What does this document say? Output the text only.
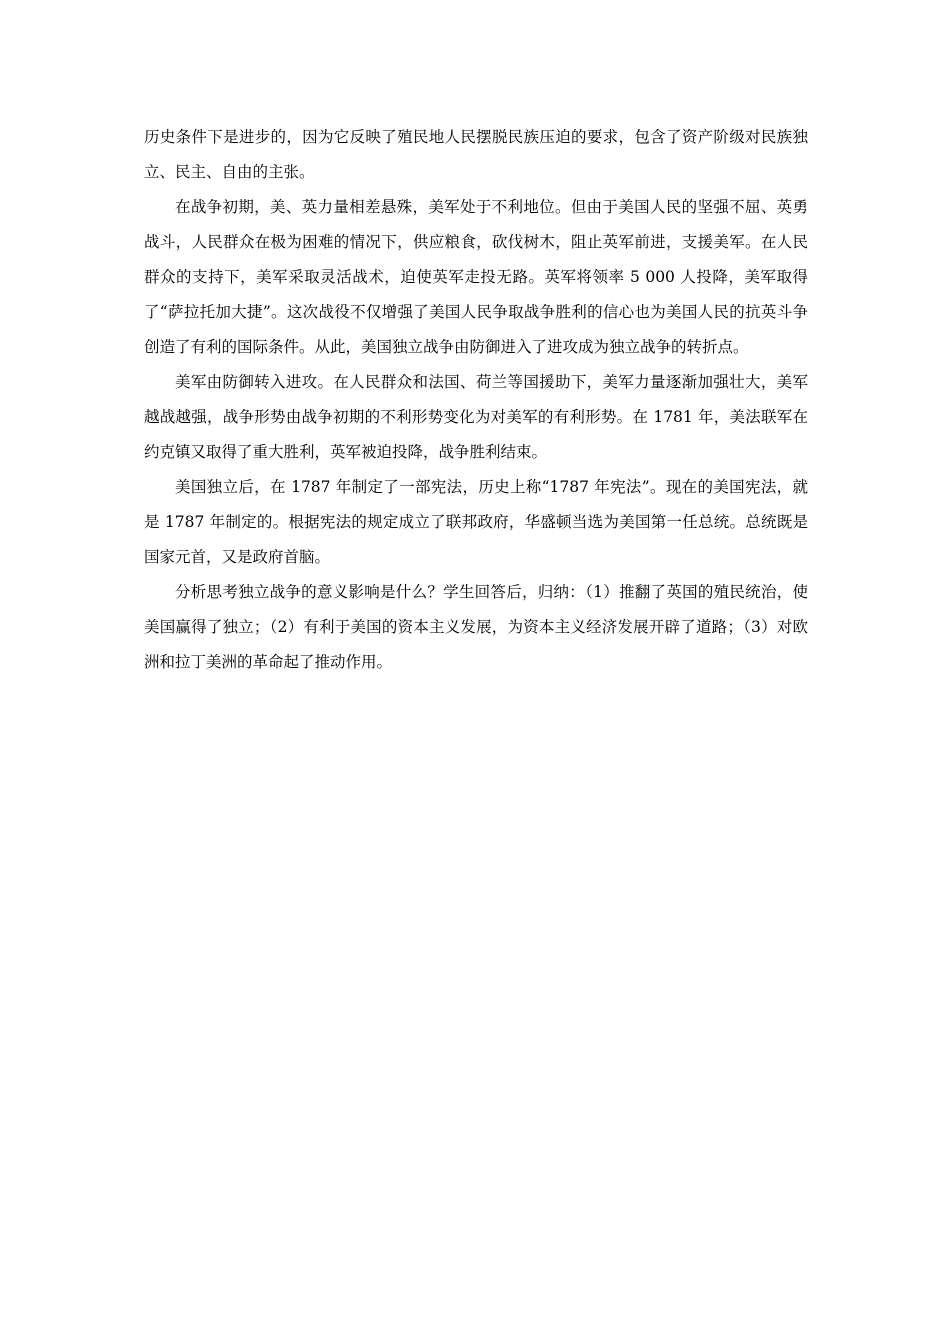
历史条件下是进步的，因为它反映了殖民地人民摆脱民族压迫的要求，包含了资产阶级对民族独立、民主、自由的主张。

在战争初期，美、英力量相差悬殊，美军处于不利地位。但由于美国人民的坚强不屈、英勇战斗，人民群众在极为困难的情况下，供应粮食，砍伐树木，阻止英军前进，支援美军。在人民群众的支持下，美军采取灵活战术，迫使英军走投无路。英军将领率 5 000 人投降，美军取得了“萨拉托加大捷”。这次战役不仅增强了美国人民争取战争胜利的信心也为美国人民的抗英斗争创造了有利的国际条件。从此，美国独立战争由防御进入了进攻成为独立战争的转折点。

美军由防御转入进攻。在人民群众和法国、荷兰等国援助下，美军力量逐渐加强壮大，美军越战越强，战争形势由战争初期的不利形势变化为对美军的有利形势。在 1781 年，美法联军在约克镇又取得了重大胜利，英军被迫投降，战争胜利结束。

美国独立后，在 1787 年制定了一部宪法，历史上称“1787 年宪法”。现在的美国宪法，就是 1787 年制定的。根据宪法的规定成立了联邦政府，华盛顿当选为美国第一任总统。总统既是国家元首，又是政府首脑。

分析思考独立战争的意义影响是什么？学生回答后，归纳：（1）推翻了英国的殖民统治，使美国赢得了独立；（2）有利于美国的资本主义发展，为资本主义经济发展开辟了道路；（3）对欧洲和拉丁美洲的革命起了推动作用。
